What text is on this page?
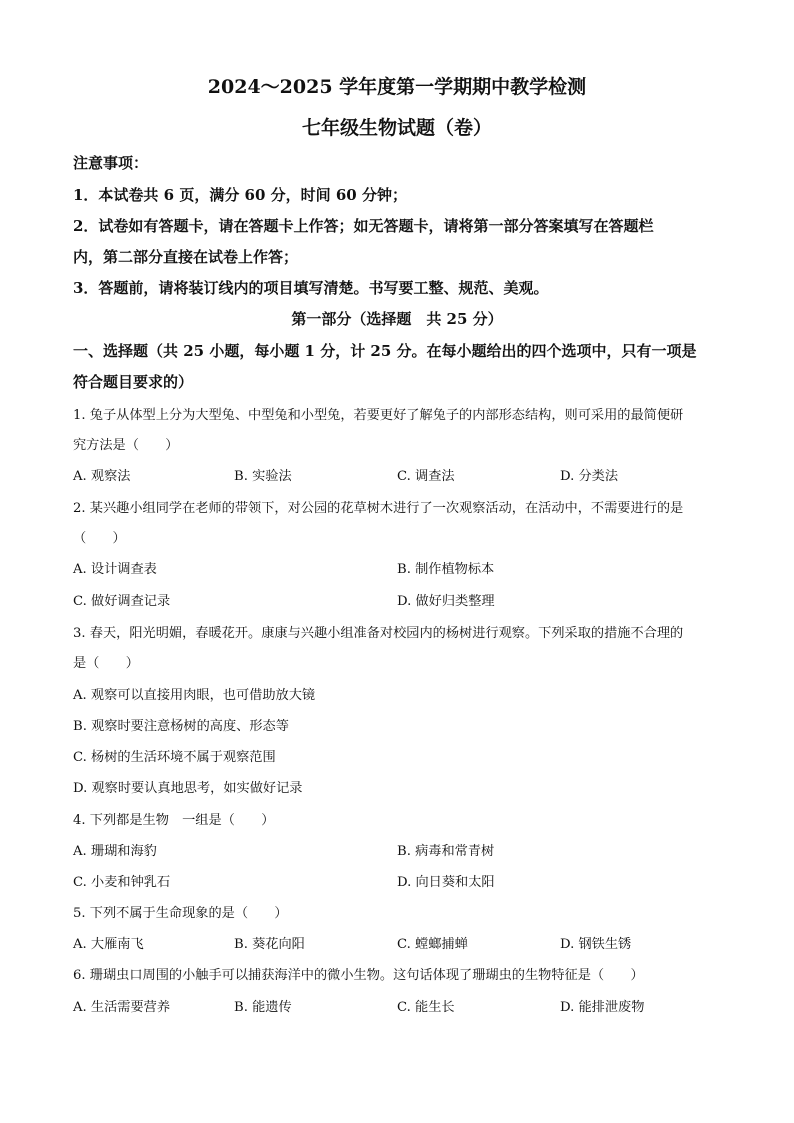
2024～2025 学年度第一学期期中教学检测
七年级生物试题（卷）
注意事项：
1．本试卷共 6 页，满分 60 分，时间 60 分钟；
2．试卷如有答题卡，请在答题卡上作答；如无答题卡，请将第一部分答案填写在答题栏
内，第二部分直接在试卷上作答；
3．答题前，请将装订线内的项目填写清楚。书写要工整、规范、美观。
第一部分（选择题　共 25 分）
一、选择题（共 25 小题，每小题 1 分，计 25 分。在每小题给出的四个选项中，只有一项是
符合题目要求的）
1. 兔子从体型上分为大型兔、中型兔和小型兔，若要更好了解兔子的内部形态结构，则可采用的最简便研
究方法是（　　）
A. 观察法	B. 实验法	C. 调查法	D. 分类法
2. 某兴趣小组同学在老师的带领下，对公园的花草树木进行了一次观察活动，在活动中，不需要进行的是
（　　）
A. 设计调查表	B. 制作植物标本
C. 做好调查记录	D. 做好归类整理
3. 春天，阳光明媚，春暖花开。康康与兴趣小组准备对校园内的杨树进行观察。下列采取的措施不合理的
是（　　）
A. 观察可以直接用肉眼，也可借助放大镜
B. 观察时要注意杨树的高度、形态等
C. 杨树的生活环境不属于观察范围
D. 观察时要认真地思考，如实做好记录
4. 下列都是生物　一组是（　　）
A. 珊瑚和海豹	B. 病毒和常青树
C. 小麦和钟乳石	D. 向日葵和太阳
5. 下列不属于生命现象的是（　　）
A. 大雁南飞	B. 葵花向阳	C. 螳螂捕蝉	D. 钢铁生锈
6. 珊瑚虫口周围的小触手可以捕获海洋中的微小生物。这句话体现了珊瑚虫的生物特征是（　　）
A. 生活需要营养	B. 能遗传	C. 能生长	D. 能排泄废物
